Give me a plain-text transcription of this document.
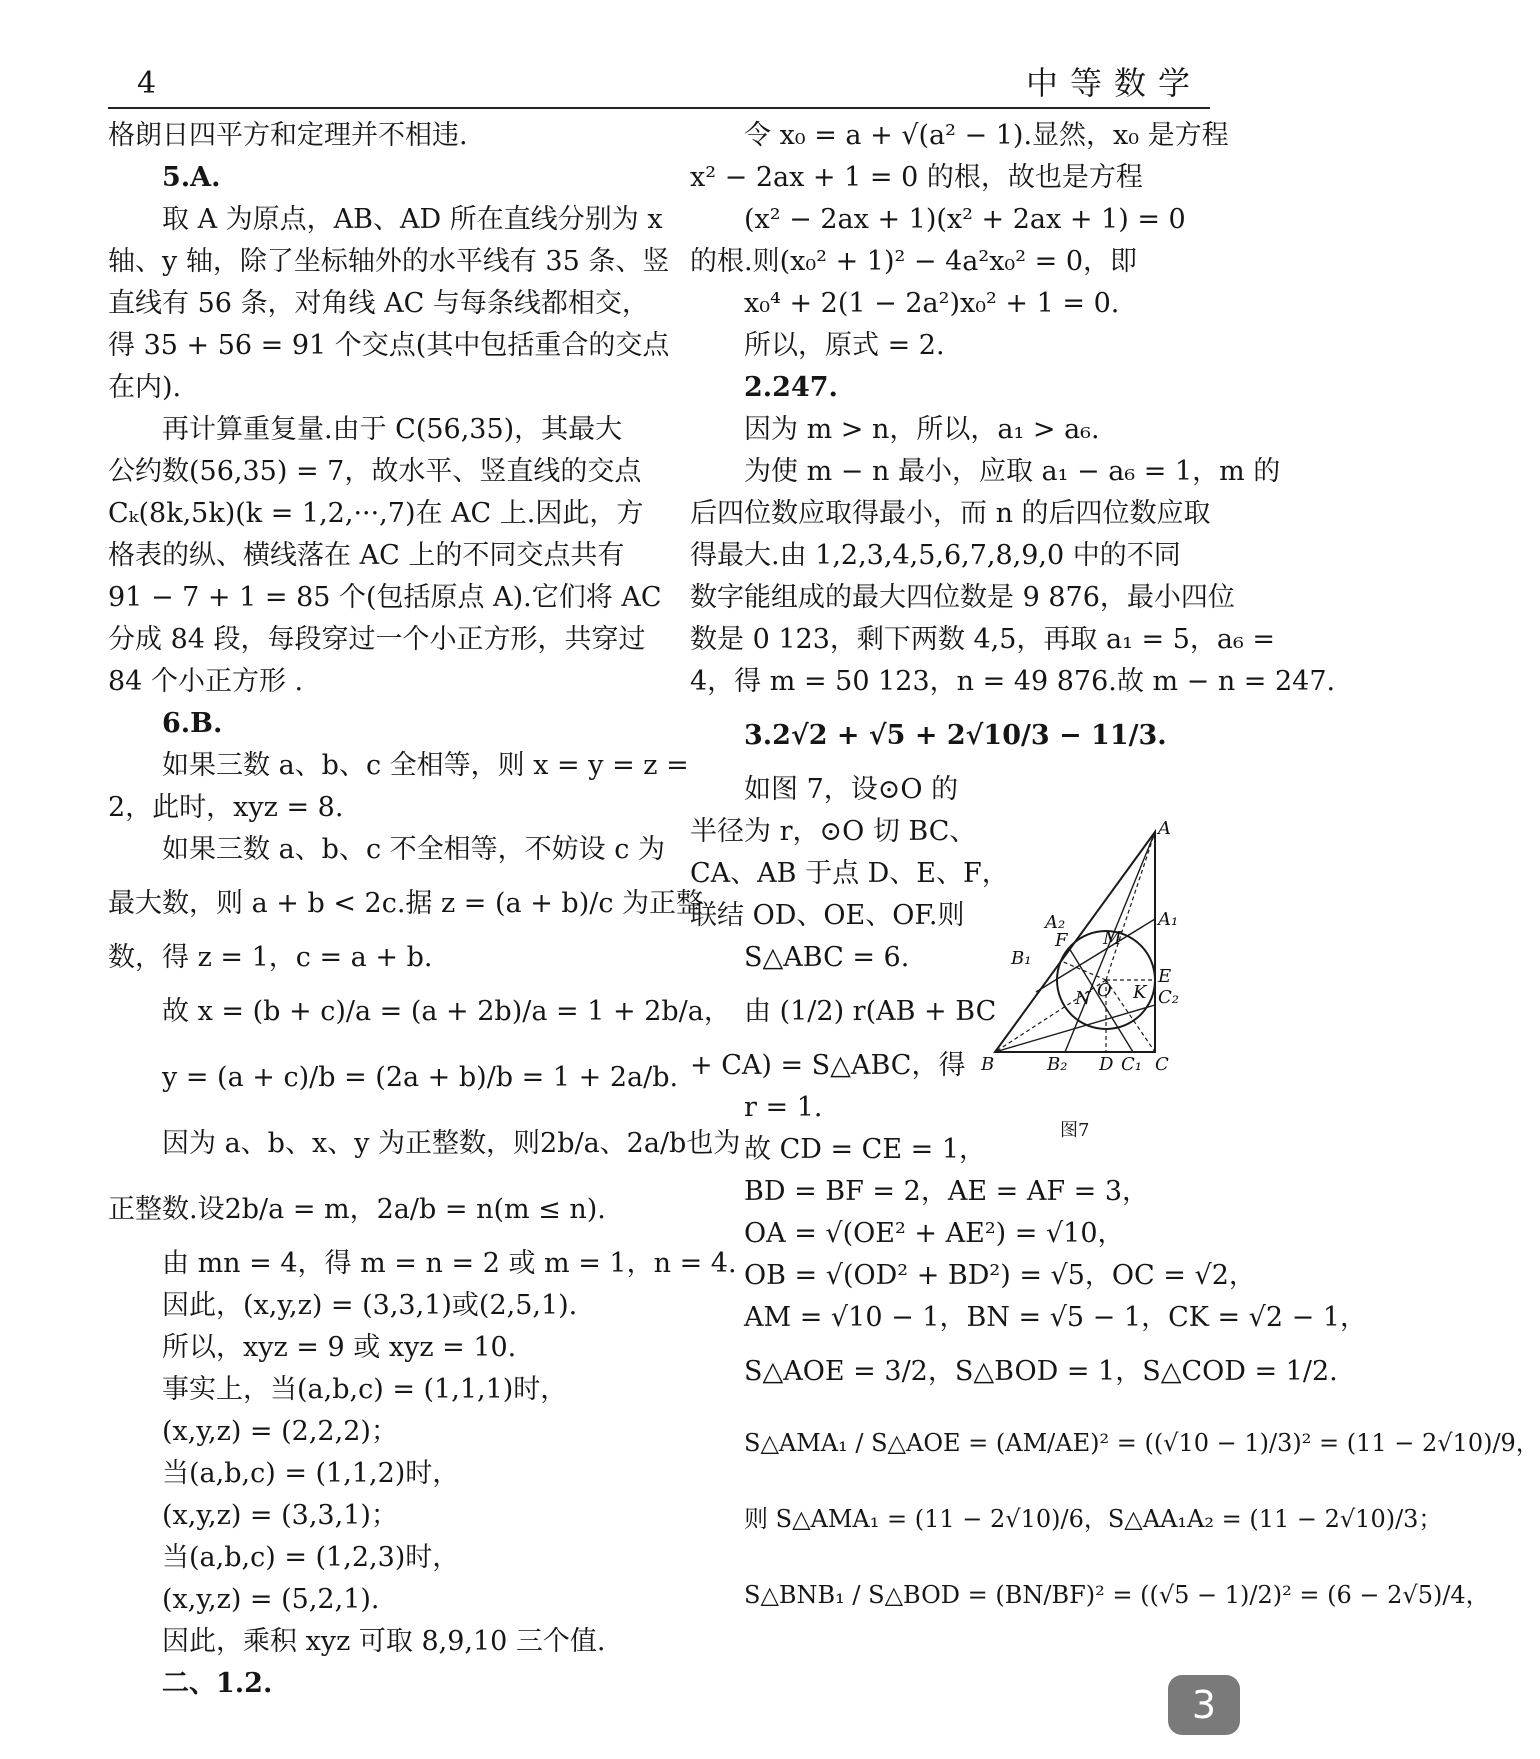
4	中等数学
格朗日四平方和定理并不相违.
5.A.
取 A 为原点，AB、AD 所在直线分别为 x
轴、y 轴，除了坐标轴外的水平线有 35 条、竖
直线有 56 条，对角线 AC 与每条线都相交，
得 35 + 56 = 91 个交点(其中包括重合的交点
在内).
再计算重复量.由于 C(56,35)，其最大
公约数(56,35) = 7，故水平、竖直线的交点
Cₖ(8k,5k)(k = 1,2,···,7)在 AC 上.因此，方
格表的纵、横线落在 AC 上的不同交点共有
91 − 7 + 1 = 85 个(包括原点 A).它们将 AC
分成 84 段，每段穿过一个小正方形，共穿过
84 个小正方形 .
6.B.
如果三数 a、b、c 全相等，则 x = y = z =
2，此时，xyz = 8.
如果三数 a、b、c 不全相等，不妨设 c 为
最大数，则 a + b < 2c.据 z = (a + b)/c 为正整
数，得 z = 1，c = a + b.
故 x = (b + c)/a = (a + 2b)/a = 1 + 2b/a，
y = (a + c)/b = (2a + b)/b = 1 + 2a/b.
因为 a、b、x、y 为正整数，则2b/a、2a/b也为
正整数.设2b/a = m，2a/b = n(m ≤ n).
由 mn = 4，得 m = n = 2 或 m = 1，n = 4.
因此，(x,y,z) = (3,3,1)或(2,5,1).
所以，xyz = 9 或 xyz = 10.
事实上，当(a,b,c) = (1,1,1)时，
(x,y,z) = (2,2,2)；
当(a,b,c) = (1,1,2)时，
(x,y,z) = (3,3,1)；
当(a,b,c) = (1,2,3)时，
(x,y,z) = (5,2,1).
因此，乘积 xyz 可取 8,9,10 三个值.
二、1.2.
令 x₀ = a + √(a² − 1).显然，x₀ 是方程
x² − 2ax + 1 = 0 的根，故也是方程
(x² − 2ax + 1)(x² + 2ax + 1) = 0
的根.则(x₀² + 1)² − 4a²x₀² = 0，即
x₀⁴ + 2(1 − 2a²)x₀² + 1 = 0.
所以，原式 = 2.
2.247.
因为 m > n，所以，a₁ > a₆.
为使 m − n 最小，应取 a₁ − a₆ = 1，m 的
后四位数应取得最小，而 n 的后四位数应取
得最大.由 1,2,3,4,5,6,7,8,9,0 中的不同
数字能组成的最大四位数是 9 876，最小四位
数是 0 123，剩下两数 4,5，再取 a₁ = 5，a₆ =
4，得 m = 50 123，n = 49 876.故 m − n = 247.
3.2√2 + √5 + 2√10/3 − 11/3.
如图 7，设⊙O 的
半径为 r，⊙O 切 BC、
CA、AB 于点 D、E、F，
联结 OD、OE、OF.则
S△ABC = 6.
由 (1/2) r(AB + BC
+ CA) = S△ABC，得
r = 1.
故 CD = CE = 1，
BD = BF = 2，AE = AF = 3，
OA = √(OE² + AE²) = √10，
OB = √(OD² + BD²) = √5，OC = √2，
AM = √10 − 1，BN = √5 − 1，CK = √2 − 1，
S△AOE = 3/2，S△BOD = 1，S△COD = 1/2.
S△AMA₁ / S△AOE = (AM/AE)² = ((√10 − 1)/3)² = (11 − 2√10)/9，
则 S△AMA₁ = (11 − 2√10)/6，S△AA₁A₂ = (11 − 2√10)/3；
S△BNB₁ / S△BOD = (BN/BF)² = ((√5 − 1)/2)² = (6 − 2√5)/4，
A
A₂	A₁
M
F
B₁
E
N O K C₂
B	B₂ D C₁ C
图7
3
